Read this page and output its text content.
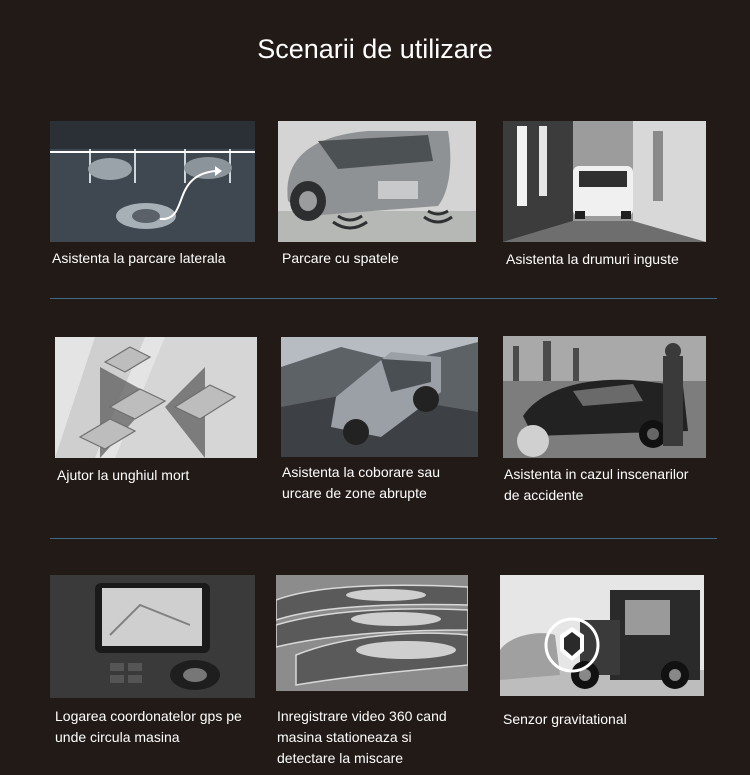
Scenarii de utilizare
Asistenta la parcare laterala	Parcare cu spatele	Asistenta la drumuri inguste
Ajutor la unghiul mort	Asistenta la coborare sau urcare de zone abrupte
Asistenta in cazul inscenarilor de accidente
Logarea coordonatelor gps pe unde circula masina
Inregistrare video 360 cand masina stationeaza si detectare la miscare
Senzor gravitational
